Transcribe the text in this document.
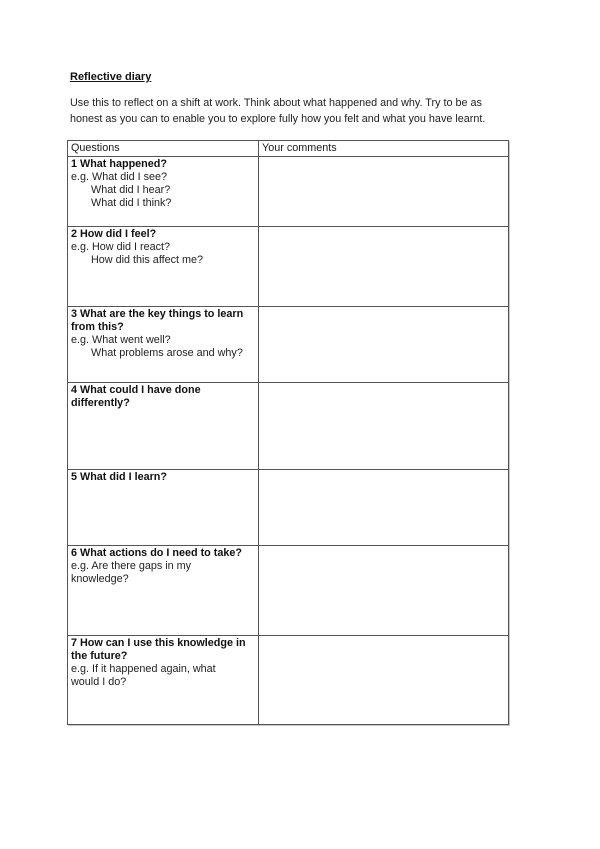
Reflective diary

Use this to reflect on a shift at work. Think about what happened and why. Try to be as honest as you can to enable you to explore fully how you felt and what you have learnt.

Questions	Your comments

1 What happened?
e.g. What did I see?
What did I hear?
What did I think?	

2 How did I feel?
e.g. How did I react?
How did this affect me?	

3 What are the key things to learn
from this?
e.g. What went well?
What problems arose and why?	

4 What could I have done
differently?	

5 What did I learn?	

6 What actions do I need to take?
e.g. Are there gaps in my
knowledge?	

7 How can I use this knowledge in
the future?
e.g. If it happened again, what
would I do?	
